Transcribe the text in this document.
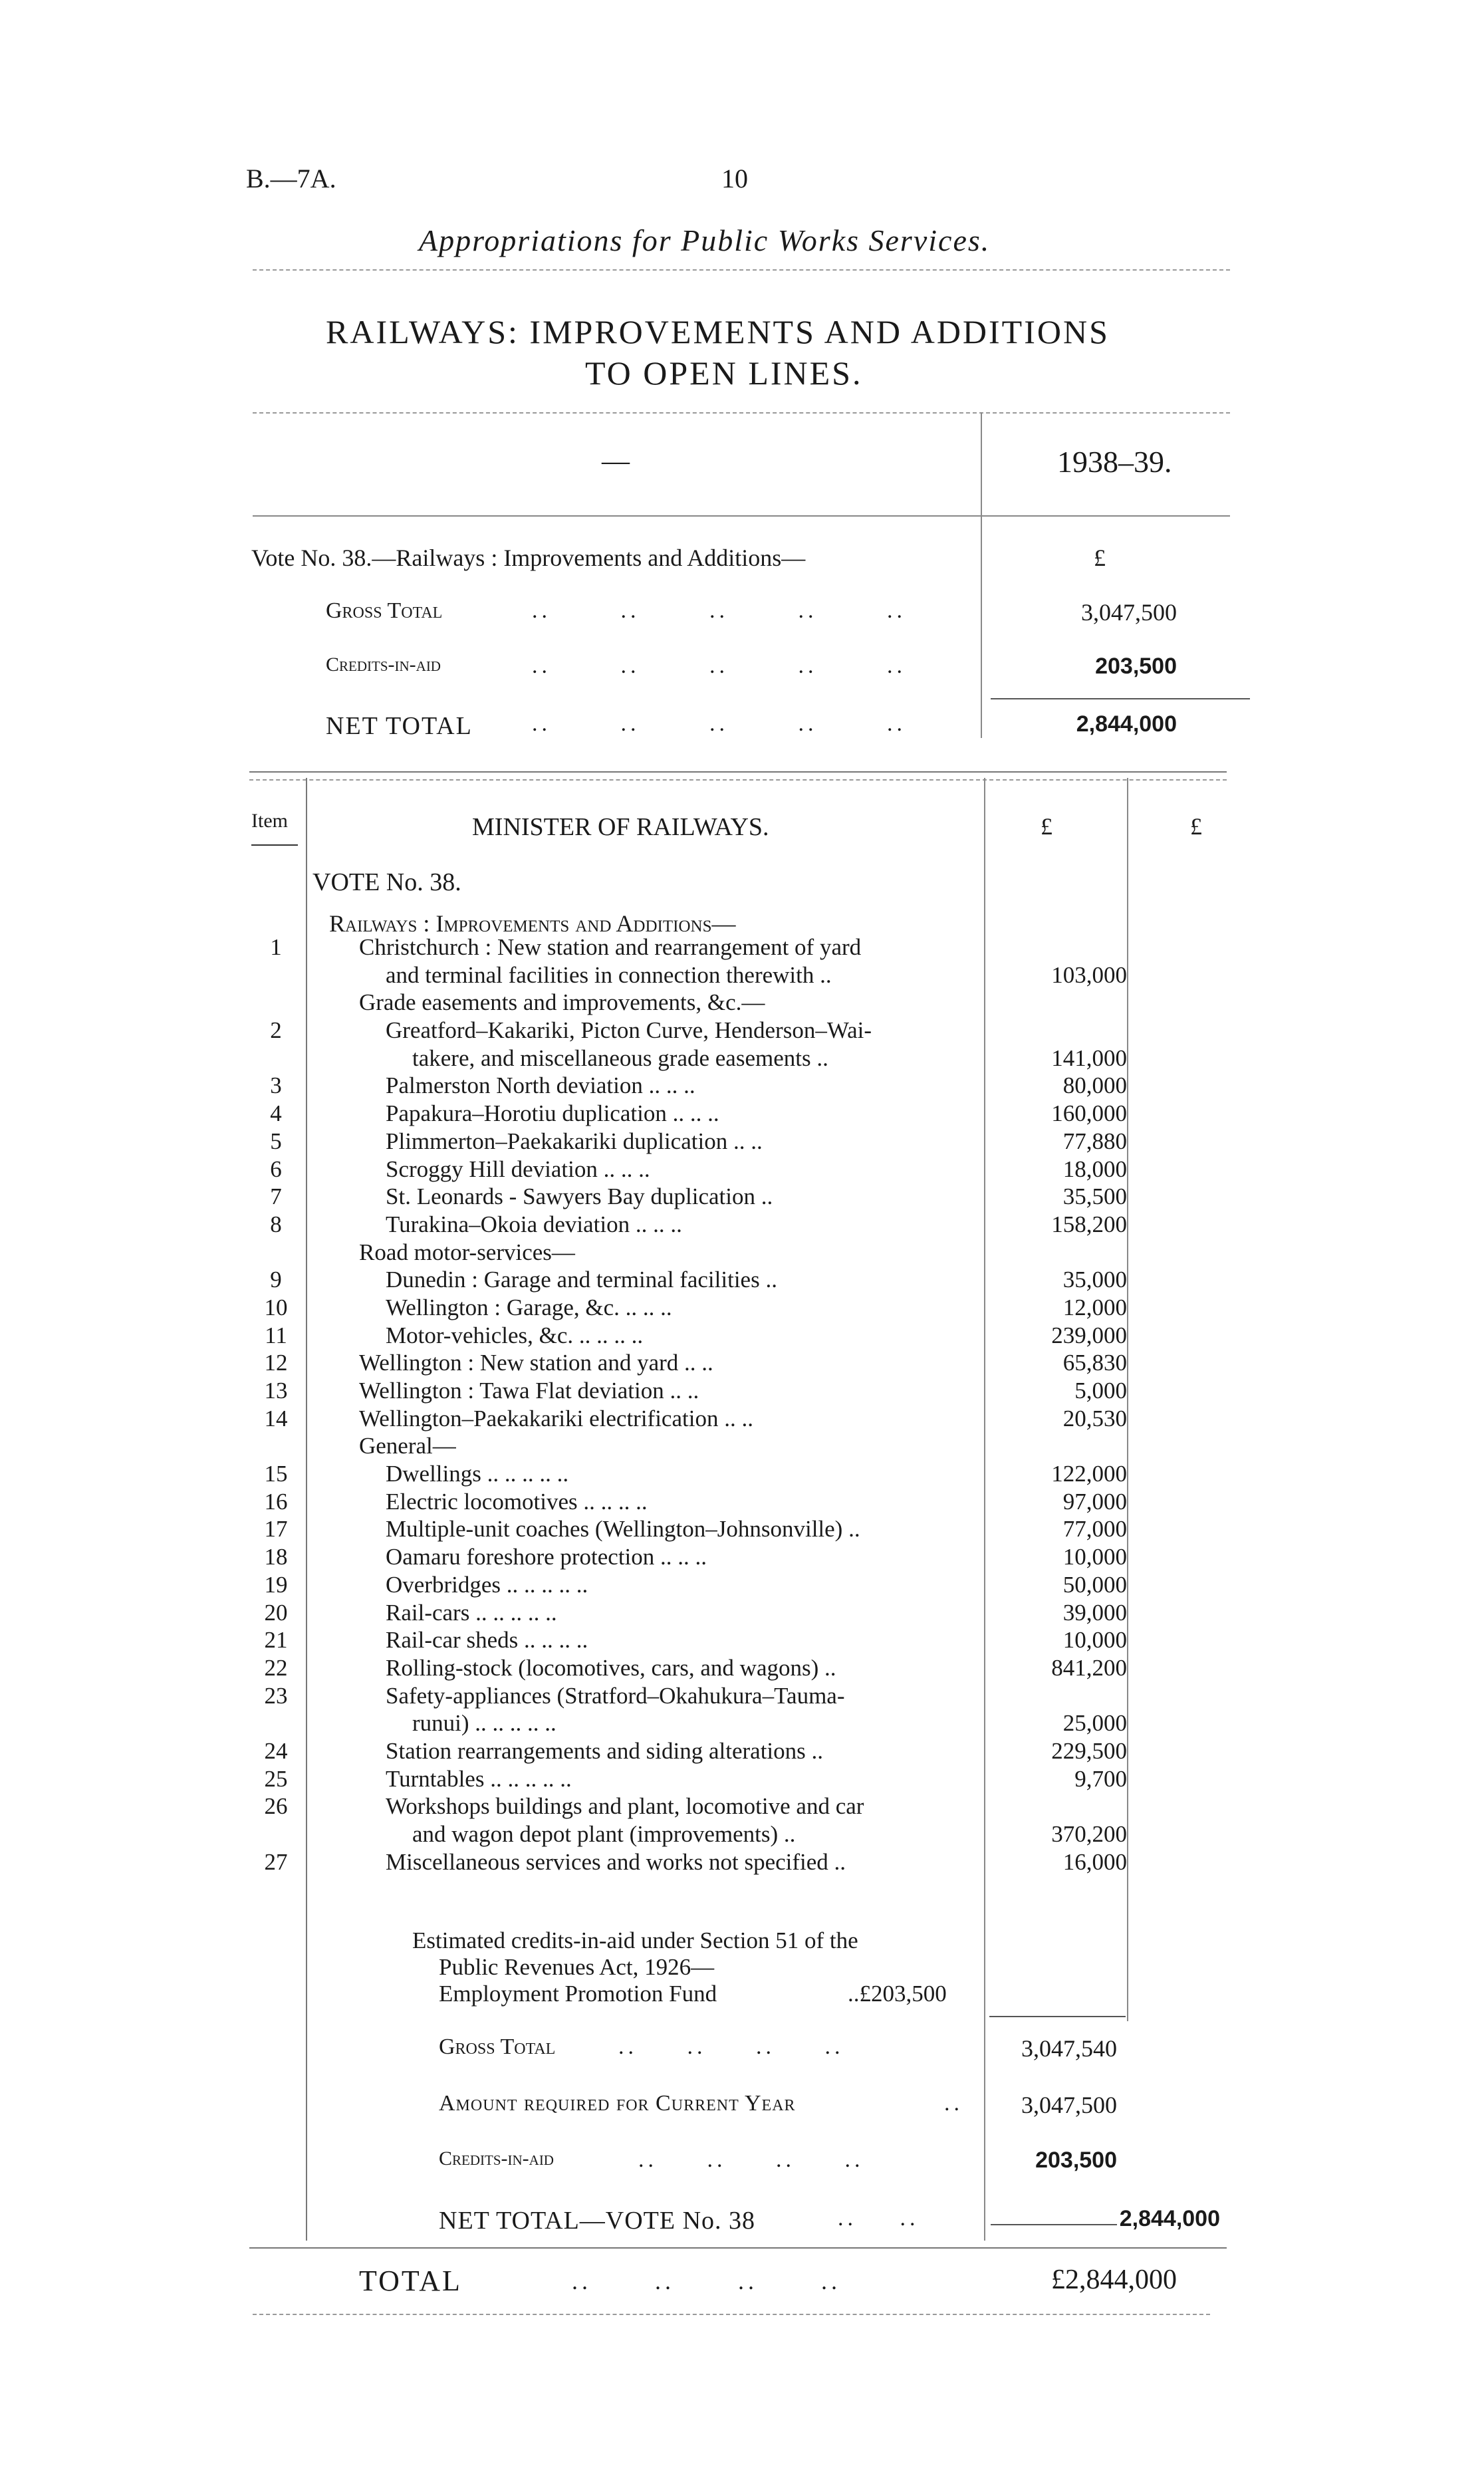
B.—7A.	10
Appropriations for Public Works Services.
RAILWAYS: IMPROVEMENTS AND ADDITIONS
TO OPEN LINES.
—	1938–39.
Vote No. 38.—Railways : Improvements and Additions—	£
Gross Total	.. .. .. .. ..	3,047,500
Credits-in-aid	.. .. .. .. ..	203,500
NET TOTAL	.. .. .. .. ..	2,844,000
Item	MINISTER OF RAILWAYS.	£	£
VOTE No. 38.
Railways : Improvements and Additions—
1	Christchurch : New station and rearrangement of yard
and terminal facilities in connection therewith ..	103,000
Grade easements and improvements, &c.—
2	Greatford–Kakariki, Picton Curve, Henderson–Wai-
takere, and miscellaneous grade easements ..	141,000
3	Palmerston North deviation .. .. ..	80,000
4	Papakura–Horotiu duplication .. .. ..	160,000
5	Plimmerton–Paekakariki duplication .. ..	77,880
6	Scroggy Hill deviation .. .. ..	18,000
7	St. Leonards - Sawyers Bay duplication ..	35,500
8	Turakina–Okoia deviation .. .. ..	158,200
Road motor-services—
9	Dunedin : Garage and terminal facilities ..	35,000
10	Wellington : Garage, &c. .. .. ..	12,000
11	Motor-vehicles, &c. .. .. .. ..	239,000
12	Wellington : New station and yard .. ..	65,830
13	Wellington : Tawa Flat deviation .. ..	5,000
14	Wellington–Paekakariki electrification .. ..	20,530
General—
15	Dwellings .. .. .. .. ..	122,000
16	Electric locomotives .. .. .. ..	97,000
17	Multiple-unit coaches (Wellington–Johnsonville) ..	77,000
18	Oamaru foreshore protection .. .. ..	10,000
19	Overbridges .. .. .. .. ..	50,000
20	Rail-cars .. .. .. .. ..	39,000
21	Rail-car sheds .. .. .. ..	10,000
22	Rolling-stock (locomotives, cars, and wagons) ..	841,200
23	Safety-appliances (Stratford–Okahukura–Tauma-
runui) .. .. .. .. ..	25,000
24	Station rearrangements and siding alterations ..	229,500
25	Turntables .. .. .. .. ..	9,700
26	Workshops buildings and plant, locomotive and car
and wagon depot plant (improvements) ..	370,200
27	Miscellaneous services and works not specified ..	16,000
Estimated credits-in-aid under Section 51 of the
Public Revenues Act, 1926—
Employment Promotion Fund	..£203,500
Gross Total	.. .. .. ..	3,047,540
Amount required for Current Year	..	3,047,500
Credits-in-aid	.. .. .. ..	203,500
NET TOTAL—VOTE No. 38	.. ..	2,844,000
TOTAL	.. .. .. ..	£2,844,000
